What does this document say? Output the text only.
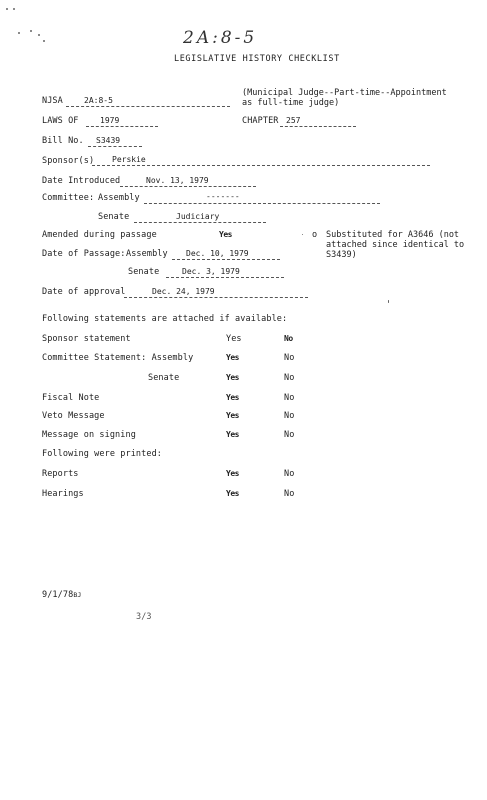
2A:8-5
LEGISLATIVE HISTORY CHECKLIST
NJSA	2A:8-5
(Municipal Judge--Part-time--Appointment as full-time judge)
LAWS OF	1979	CHAPTER 257
Bill No. S3439
Sponsor(s) Perskie
Date Introduced	Nov. 13, 1979
Committee: Assembly	-------
Senate	Judiciary
Amended during passage	Yes	o Substituted for A3646 (not attached since identical to S3439)
Date of Passage: Assembly Dec. 10, 1979
Senate	Dec. 3, 1979
Date of approval	Dec. 24, 1979
Following statements are attached if available:
Sponsor statement	Yes	No
Committee Statement: Assembly	Yes	No
Senate	Yes	No
Fiscal Note	Yes	No
Veto Message	Yes	No
Message on signing	Yes	No
Following were printed:
Reports	Yes	No
Hearings	Yes	No
9/1/78BJ
3/3
